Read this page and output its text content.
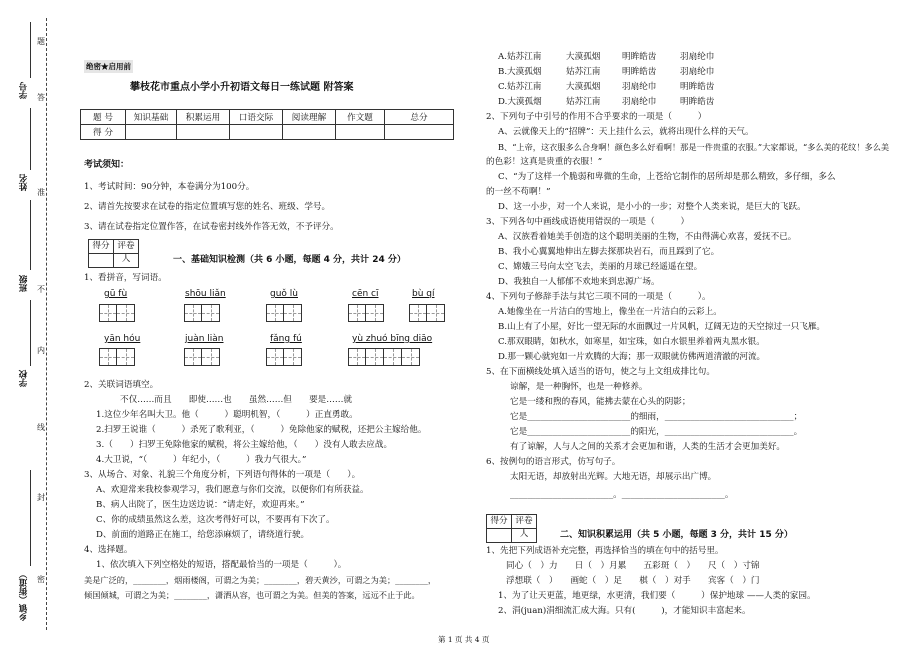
题
答
准
不
内
线
封
密
学号
姓名
班级
学校
乡镇（街道）
绝密★启用前
攀枝花市重点小学小升初语文每日一练试题 附答案
题 号	知识基础	积累运用	口语交际	阅读理解	作文题	总分
得 分						
考试须知：
1、考试时间：90分钟，本卷满分为100分。
2、请首先按要求在试卷的指定位置填写您的姓名、班级、学号。
3、请在试卷指定位置作答，在试卷密封线外作答无效，不予评分。
得分 评卷人	一、基础知识检测（共 6 小题，每题 4 分，共计 24 分）
1、看拼音，写词语。
gū fù	shōu liǎn	guǒ lù	cēn cī	bù qí
yān hóu	juàn liàn	fǎng fú	yù zhuó bīng diāo
2、关联词语填空。
不仅……而且　　即使……也　　虽然……但　　要是……就
1.这位少年名叫大卫。他（　　　）聪明机智，（　　　）正直勇敢。
2.扫罗王说谁（　　　）杀死了歌利亚，（　　　）免除他家的赋税，还把公主嫁给他。
3.（　　）扫罗王免除他家的赋税，将公主嫁给他，（　　）没有人敢去应战。
4.大卫说，“（　　　）年纪小，（　　　）我力气很大。”
3、从场合、对象、礼貌三个角度分析，下列语句得体的一项是（　　）。
A、欢迎常来我校参观学习，我们愿意与你们交流，以便你们有所获益。
B、病人出院了，医生边送边说：“请走好，欢迎再来。”
C、你的成绩虽然这么差，这次考得好可以，不要再有下次了。
D、前面的道路正在施工，给您添麻烦了，请绕道行驶。
4、选择题。
1、依次填入下列空格处的短语，搭配最恰当的一项是（　　　）。
美是广泛的，________，烟雨楼阁，可谓之为美；________，碧天黄沙，可谓之为美；________，
倾国倾城，可谓之为美；________，潇洒从容，也可谓之为美。但美的答案，远远不止于此。
A.姑苏江南	大漠孤烟	明眸皓齿	羽扇纶巾
B.大漠孤烟	姑苏江南	明眸皓齿	羽扇纶巾
C.姑苏江南	大漠孤烟	羽扇纶巾	明眸皓齿
D.大漠孤烟	姑苏江南	羽扇纶巾	明眸皓齿
2、下列句子中引号的作用不合乎要求的一项是（　　　）
A、云就像天上的“招牌”：天上挂什么云，就将出现什么样的天气。
B、“上帝，这衣服多么合身啊！颜色多么好看啊！那是一件贵重的衣服。”大家都说，“多么美的花纹！多么美
的色彩！这真是贵重的衣服！”
C、“为了这样一个脆弱和卑微的生命，上苍给它制作的居所却是那么精致，多仔细，多么
的一丝不苟啊！”
D、这一小步，对一个人来说，是小小的一步；对整个人类来说，是巨大的飞跃。
3、下列各句中画线成语使用错误的一项是（　　　）
A、汉族看着她美手创造的这个聪明美丽的生物，不由得满心欢喜，爱抚不已。
B、我小心翼翼地伸出左脚去探那块岩石，而且踩到了它。
C、嫦娥三号向太空飞去，美丽的月球已经遥遥在望。
D、我独自一人郁郁不欢地来到忠源广场。
4、下列句子修辞手法与其它三项不同的一项是（　　　）。
A.她像坐在一片洁白的雪地上，像坐在一片洁白的云彩上。
B.山上有了小屋，好比一望无际的水面飘过一片风帆，辽阔无边的天空掠过一只飞雁。
C.那双眼睛，如秋水，如寒星，如宝珠，如白水银里养着两丸黑水银。
D.那一颗心就宛如一片欢腾的大海；那一双眼就仿佛两道清澈的河流。
5、在下面横线处填入适当的语句，使之与上文组成排比句。
谅解，是一种胸怀，也是一种修养。
它是一缕和煦的春风，能拂去蒙在心头的阴影；
它是________________________的细雨，______________________________；
它是________________________的阳光，______________________________。
有了谅解，人与人之间的关系才会更加和谐，人类的生活才会更加美好。
6、按例句的语言形式，仿写句子。
太阳无语，却放射出光辉。大地无语，却展示出广博。
________________________。________________________。
得分 评卷人	二、知识积累运用（共 5 小题，每题 3 分，共计 15 分）
1、先把下列成语补充完整，再选择恰当的填在句中的括号里。
同心（　）力　　日（　）月累　　五彩斑（　）　　尺（　）寸锦
浮想联（　）　　画蛇（　）足　　棋（　）对手　　宾客（　）门
1、为了让天更蓝，地更绿，水更清，我们要（　　　）保护地球 ——人类的家园。
2、涓(juan)涓细流汇成大海。只有(　　　)，才能知识丰富起来。
第 1 页 共 4 页
